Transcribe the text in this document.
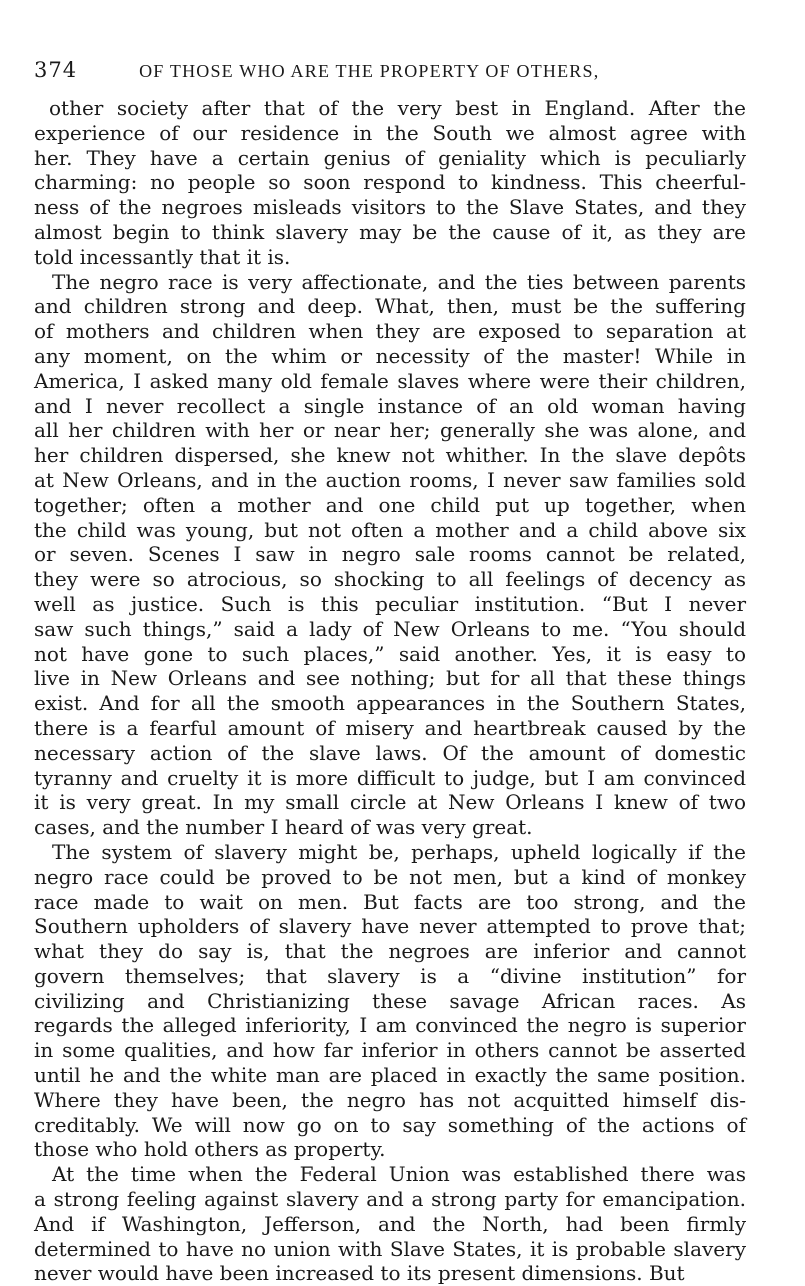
374	OF THOSE WHO ARE THE PROPERTY OF OTHERS,
other society after that of the very best in England. After the
experience of our residence in the South we almost agree with
her. They have a certain genius of geniality which is peculiarly
charming: no people so soon respond to kindness. This cheerful-
ness of the negroes misleads visitors to the Slave States, and they
almost begin to think slavery may be the cause of it, as they are
told incessantly that it is.
The negro race is very affectionate, and the ties between parents
and children strong and deep. What, then, must be the suffering
of mothers and children when they are exposed to separation at
any moment, on the whim or necessity of the master! While in
America, I asked many old female slaves where were their children,
and I never recollect a single instance of an old woman having
all her children with her or near her; generally she was alone, and
her children dispersed, she knew not whither. In the slave depôts
at New Orleans, and in the auction rooms, I never saw families sold
together; often a mother and one child put up together, when
the child was young, but not often a mother and a child above six
or seven. Scenes I saw in negro sale rooms cannot be related,
they were so atrocious, so shocking to all feelings of decency as
well as justice. Such is this peculiar institution. “But I never
saw such things,” said a lady of New Orleans to me. “You should
not have gone to such places,” said another. Yes, it is easy to
live in New Orleans and see nothing; but for all that these things
exist. And for all the smooth appearances in the Southern States,
there is a fearful amount of misery and heartbreak caused by the
necessary action of the slave laws. Of the amount of domestic
tyranny and cruelty it is more difficult to judge, but I am convinced
it is very great. In my small circle at New Orleans I knew of two
cases, and the number I heard of was very great.
The system of slavery might be, perhaps, upheld logically if the
negro race could be proved to be not men, but a kind of monkey
race made to wait on men. But facts are too strong, and the
Southern upholders of slavery have never attempted to prove that;
what they do say is, that the negroes are inferior and cannot
govern themselves; that slavery is a “divine institution” for
civilizing and Christianizing these savage African races. As
regards the alleged inferiority, I am convinced the negro is superior
in some qualities, and how far inferior in others cannot be asserted
until he and the white man are placed in exactly the same position.
Where they have been, the negro has not acquitted himself dis-
creditably. We will now go on to say something of the actions of
those who hold others as property.
At the time when the Federal Union was established there was
a strong feeling against slavery and a strong party for emancipation.
And if Washington, Jefferson, and the North, had been firmly
determined to have no union with Slave States, it is probable slavery
never would have been increased to its present dimensions. But
